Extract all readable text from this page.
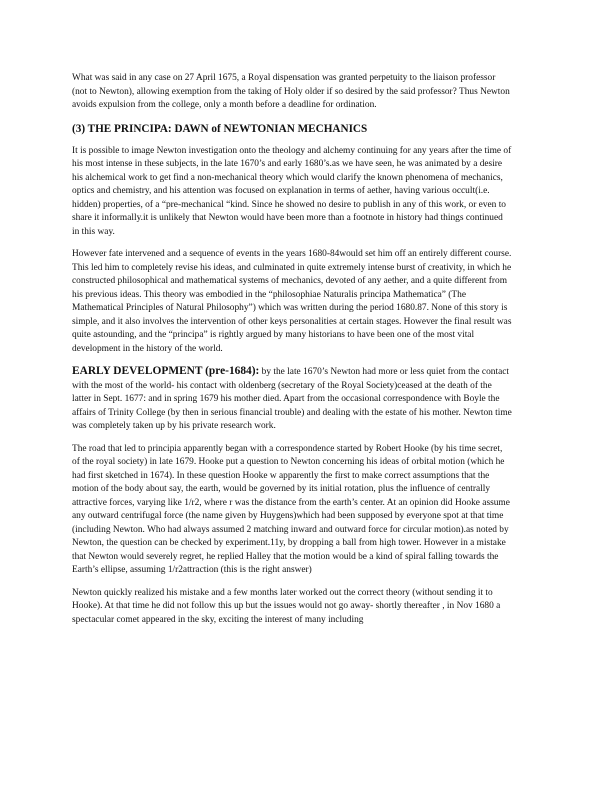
What was said in any case on 27 April 1675, a Royal dispensation was granted perpetuity to the liaison professor (not to Newton), allowing exemption from the taking of Holy older if so desired by the said professor? Thus Newton avoids expulsion from the college, only a month before a deadline for ordination.

(3) THE PRINCIPA: DAWN of NEWTONIAN MECHANICS

It is possible to image Newton investigation onto the theology and alchemy continuing for any years after the time of his most intense in these subjects, in the late 1670’s and early 1680’s.as we have seen, he was animated by a desire his alchemical work to get find a non-mechanical theory which would clarify the known phenomena of mechanics, optics and chemistry, and his attention was focused on explanation in terms of aether, having various occult(i.e. hidden) properties, of a “pre-mechanical “kind. Since he showed no desire to publish in any of this work, or even to share it informally.it is unlikely that Newton would have been more than a footnote in history had things continued in this way.

However fate intervened and a sequence of events in the years 1680-84would set him off an entirely different course. This led him to completely revise his ideas, and culminated in quite extremely intense burst of creativity, in which he constructed philosophical and mathematical systems of mechanics, devoted of any aether, and a quite different from his previous ideas. This theory was embodied in the “philosophiae Naturalis principa Mathematica” (The Mathematical Principles of Natural Philosophy”) which was written during the period 1680.87. None of this story is simple, and it also involves the intervention of other keys personalities at certain stages. However the final result was quite astounding, and the “principa” is rightly argued by many historians to have been one of the most vital development in the history of the world.

EARLY DEVELOPMENT (pre-1684): by the late 1670’s Newton had more or less quiet from the contact with the most of the world- his contact with oldenberg (secretary of the Royal Society)ceased at the death of the latter in Sept. 1677: and in spring 1679 his mother died. Apart from the occasional correspondence with Boyle the affairs of Trinity College (by then in serious financial trouble) and dealing with the estate of his mother. Newton time was completely taken up by his private research work.

The road that led to principia apparently began with a correspondence started by Robert Hooke (by his time secret, of the royal society) in late 1679. Hooke put a question to Newton concerning his ideas of orbital motion (which he had first sketched in 1674). In these question Hooke w apparently the first to make correct assumptions that the motion of the body about say, the earth, would be governed by its initial rotation, plus the influence of centrally attractive forces, varying like 1/r2, where r was the distance from the earth’s center. At an opinion did Hooke assume any outward centrifugal force (the name given by Huygens)which had been supposed by everyone spot at that time (including Newton. Who had always assumed 2 matching inward and outward force for circular motion).as noted by Newton, the question can be checked by experiment.11y, by dropping a ball from high tower. However in a mistake that Newton would severely regret, he replied Halley that the motion would be a kind of spiral falling towards the Earth’s ellipse, assuming 1/r2attraction (this is the right answer)

Newton quickly realized his mistake and a few months later worked out the correct theory (without sending it to Hooke). At that time he did not follow this up but the issues would not go away- shortly thereafter , in Nov 1680 a spectacular comet appeared in the sky, exciting the interest of many including
